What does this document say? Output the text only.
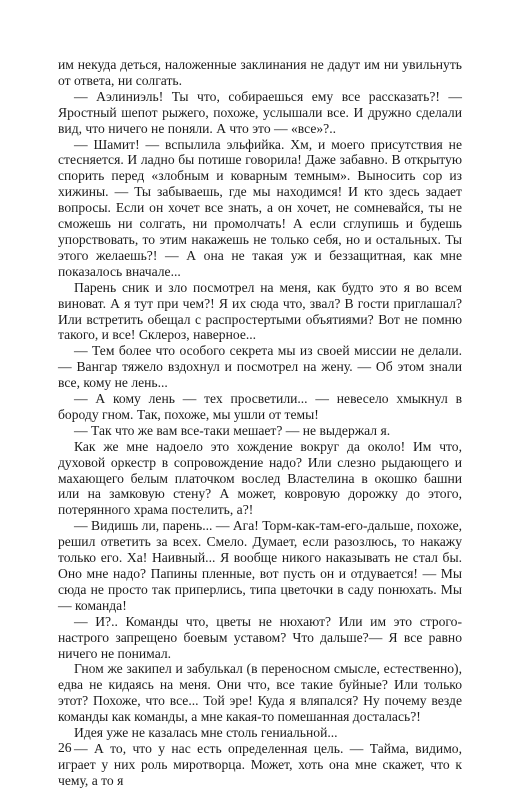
им некуда деться, наложенные заклинания не дадут им ни увильнуть от ответа, ни солгать.

— Аэлиниэль! Ты что, собираешься ему все рассказать?! — Яростный шепот рыжего, похоже, услышали все. И дружно сделали вид, что ничего не поняли. А что это — «все»?..

— Шамит! — вспылила эльфийка. Хм, и моего присутствия не стесняется. И ладно бы потише говорила! Даже забавно. В открытую спорить перед «злобным и коварным темным». Выносить сор из хижины. — Ты забываешь, где мы находимся! И кто здесь задает вопросы. Если он хочет все знать, а он хочет, не сомневайся, ты не сможешь ни солгать, ни промолчать! А если сглупишь и будешь упорствовать, то этим накажешь не только себя, но и остальных. Ты этого желаешь?! — А она не такая уж и беззащитная, как мне показалось вначале...

Парень сник и зло посмотрел на меня, как будто это я во всем виноват. А я тут при чем?! Я их сюда что, звал? В гости приглашал? Или встретить обещал с распростертыми объятиями? Вот не помню такого, и все! Склероз, наверное...

— Тем более что особого секрета мы из своей миссии не делали. — Вангар тяжело вздохнул и посмотрел на жену. — Об этом знали все, кому не лень...

— А кому лень — тех просветили... — невесело хмыкнул в бороду гном. Так, похоже, мы ушли от темы!

— Так что же вам все-таки мешает? — не выдержал я.

Как же мне надоело это хождение вокруг да около! Им что, духовой оркестр в сопровождение надо? Или слезно рыдающего и махающего белым платочком вослед Властелина в окошко башни или на замковую стену? А может, ковровую дорожку до этого, потерянного храма постелить, а?!

— Видишь ли, парень... — Ага! Торм-как-там-его-дальше, похоже, решил ответить за всех. Смело. Думает, если разозлюсь, то накажу только его. Ха! Наивный... Я вообще никого наказывать не стал бы. Оно мне надо? Папины пленные, вот пусть он и отдувается! — Мы сюда не просто так приперлись, типа цветочки в саду понюхать. Мы — команда!

— И?.. Команды что, цветы не нюхают? Или им это строго-настрого запрещено боевым уставом? Что дальше?— Я все равно ничего не понимал.

Гном же закипел и забулькал (в переносном смысле, естественно), едва не кидаясь на меня. Они что, все такие буйные? Или только этот? Похоже, что все... Той эре! Куда я вляпался? Ну почему везде команды как команды, а мне какая-то помешанная досталась?!

Идея уже не казалась мне столь гениальной...

— А то, что у нас есть определенная цель. — Тайма, видимо, играет у них роль миротворца. Может, хоть она мне скажет, что к чему, а то я

26
